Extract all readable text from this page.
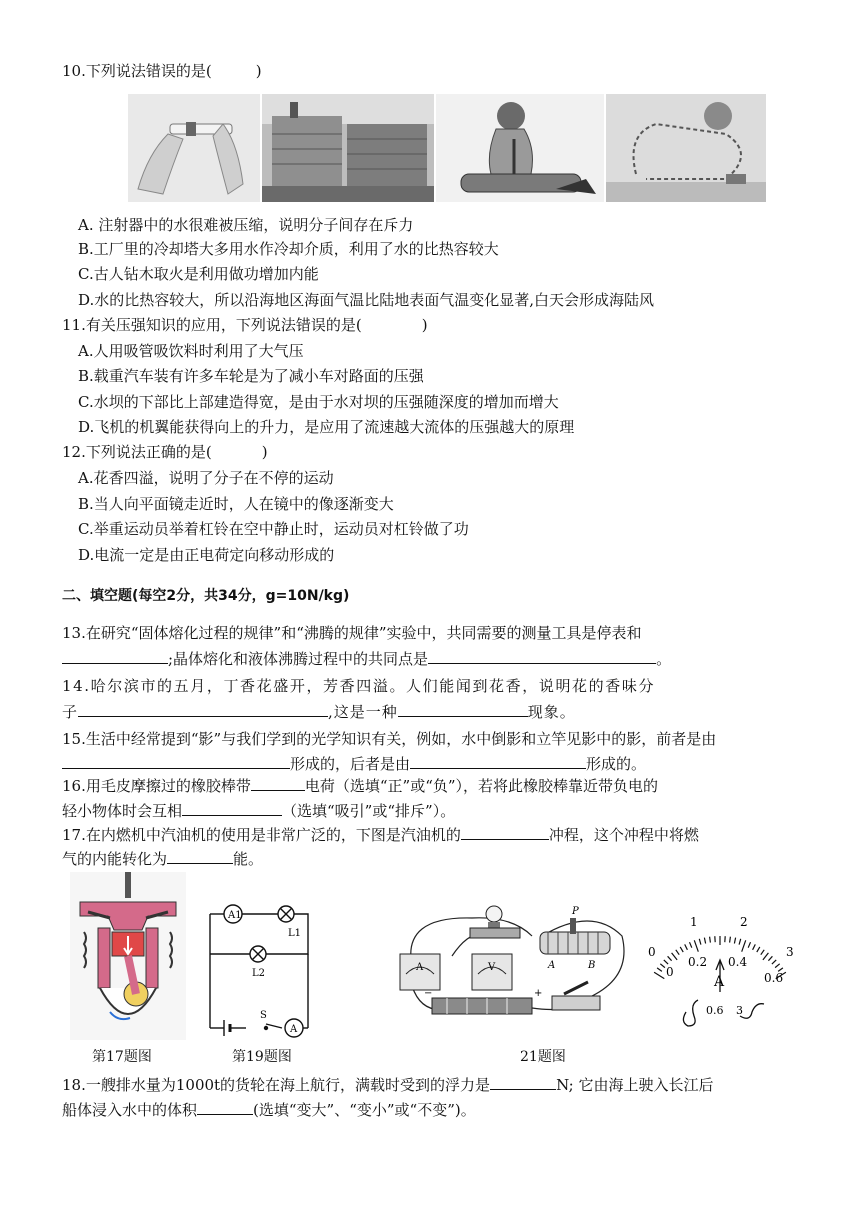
10.下列说法错误的是(	)
A. 注射器中的水很难被压缩，说明分子间存在斥力
B.工厂里的冷却塔大多用水作冷却介质，利用了水的比热容较大
C.古人钻木取火是利用做功增加内能
D.水的比热容较大，所以沿海地区海面气温比陆地表面气温变化显著,白天会形成海陆风
11.有关压强知识的应用，下列说法错误的是(	)
A.人用吸管吸饮料时利用了大气压
B.载重汽车装有许多车轮是为了减小车对路面的压强
C.水坝的下部比上部建造得宽，是由于水对坝的压强随深度的增加而增大
D.飞机的机翼能获得向上的升力，是应用了流速越大流体的压强越大的原理
12.下列说法正确的是(	)
A.花香四溢，说明了分子在不停的运动
B.当人向平面镜走近时，人在镜中的像逐渐变大
C.举重运动员举着杠铃在空中静止时，运动员对杠铃做了功
D.电流一定是由正电荷定向移动形成的
二、填空题(每空2分，共34分，g=10N/kg)
13.在研究“固体熔化过程的规律”和“沸腾的规律”实验中，共同需要的测量工具是停表和
;晶体熔化和液体沸腾过程中的共同点是	。
14.哈尔滨市的五月，丁香花盛开，芳香四溢。人们能闻到花香，说明花的香味分
子	,这是一种	现象。
15.生活中经常提到“影”与我们学到的光学知识有关，例如，水中倒影和立竿见影中的影，前者是由
形成的，后者是由	形成的。
16.用毛皮摩擦过的橡胶棒带	电荷（选填“正”或“负”），若将此橡胶棒靠近带负电的
轻小物体时会互相	（选填“吸引”或“排斥”）。
17.在内燃机中汽油机的使用是非常广泛的，下图是汽油机的	冲程，这个冲程中将燃
气的内能转化为	能。
第17题图
A1
L1
L2
S
A
第19题图
A	V
P
A	B
−	+
21题图
0
1	2
3
0
0.2 0.4
0.6
A
0.6 3
18.一艘排水量为1000t的货轮在海上航行，满载时受到的浮力是	N; 它由海上驶入长江后
船体浸入水中的体积	(选填“变大”、“变小”或“不变”)。
